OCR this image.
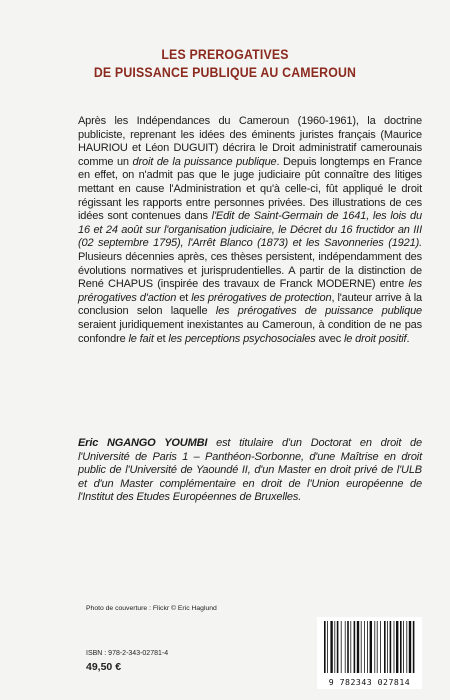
LES PREROGATIVES
DE PUISSANCE PUBLIQUE AU CAMEROUN

Après les Indépendances du Cameroun (1960-1961), la doctrine publiciste, reprenant les idées des éminents juristes français (Maurice HAURIOU et Léon DUGUIT) décrira le Droit administratif camerounais comme un droit de la puissance publique. Depuis longtemps en France en effet, on n'admit pas que le juge judiciaire pût connaître des litiges mettant en cause l'Administration et qu'à celle-ci, fût appliqué le droit régissant les rapports entre personnes privées. Des illustrations de ces idées sont contenues dans l'Edit de Saint-Germain de 1641, les lois du 16 et 24 août sur l'organisation judiciaire, le Décret du 16 fructidor an III (02 septembre 1795), l'Arrêt Blanco (1873) et les Savonneries (1921). Plusieurs décennies après, ces thèses persistent, indépendamment des évolutions normatives et jurisprudentielles. A partir de la distinction de René CHAPUS (inspirée des travaux de Franck MODERNE) entre les prérogatives d'action et les prérogatives de protection, l'auteur arrive à la conclusion selon laquelle les prérogatives de puissance publique seraient juridiquement inexistantes au Cameroun, à condition de ne pas confondre le fait et les perceptions psychosociales avec le droit positif.

Eric NGANGO YOUMBI est titulaire d'un Doctorat en droit de l'Université de Paris 1 – Panthéon-Sorbonne, d'une Maîtrise en droit public de l'Université de Yaoundé II, d'un Master en droit privé de l'ULB et d'un Master complémentaire en droit de l'Union européenne de l'Institut des Etudes Européennes de Bruxelles.
Photo de couverture : Flickr © Eric Haglund
ISBN : 978-2-343-02781-4
49,50 €
9 782343 027814
